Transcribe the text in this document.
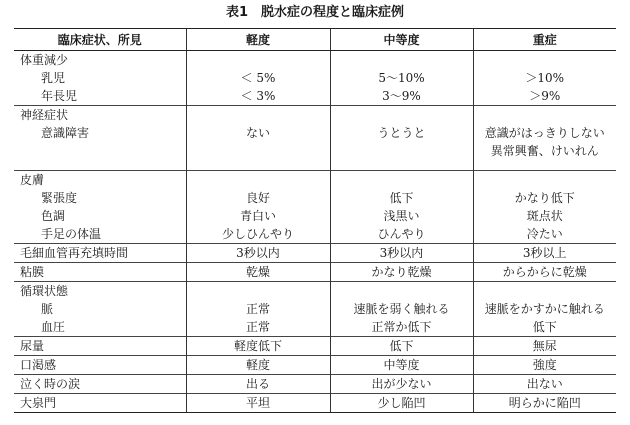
表1　脱水症の程度と臨床症例
臨床症状、所見	軽度	中等度	重症
体重減少			
乳児	＜ 5%	5〜10%	＞10%
年長児	＜ 3%	3〜9%	＞9%
神経症状			
意識障害	ない	うとうと	意識がはっきりしない
			異常興奮、けいれん

皮膚			
緊張度	良好	低下	かなり低下
色調	青白い	浅黒い	斑点状
手足の体温	少しひんやり	ひんやり	冷たい
毛細血管再充填時間	3秒以内	3秒以内	3秒以上
粘膜	乾燥	かなり乾燥	からからに乾燥
循環状態			
脈	正常	速脈を弱く触れる	速脈をかすかに触れる
血圧	正常	正常か低下	低下
尿量	軽度低下	低下	無尿
口渇感	軽度	中等度	強度
泣く時の涙	出る	出が少ない	出ない
大泉門	平坦	少し陥凹	明らかに陥凹
